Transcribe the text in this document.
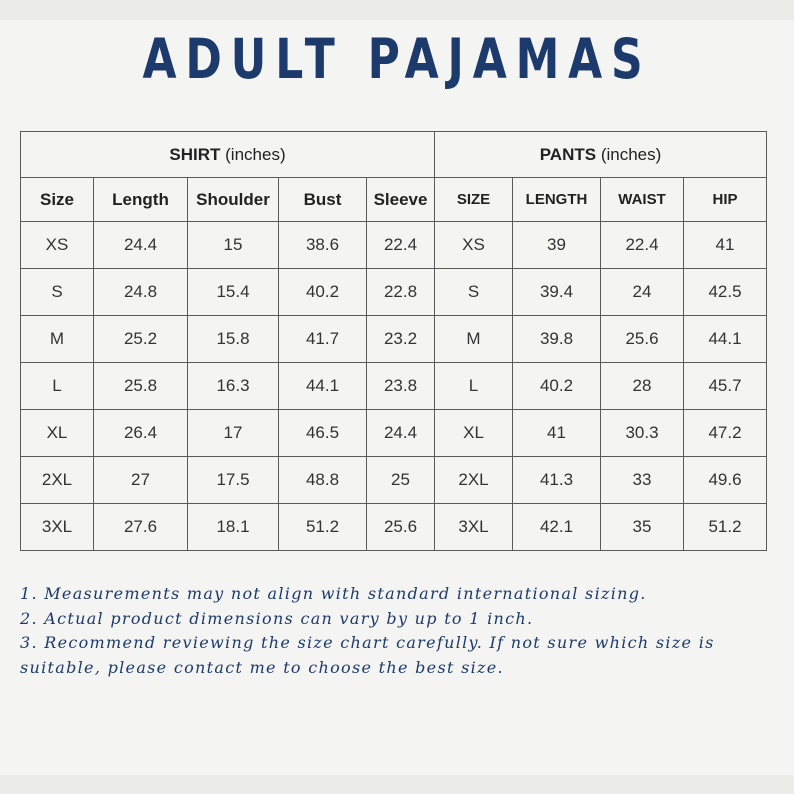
ADULT PAJAMAS
SHIRT (inches)					PANTS (inches)			
Size	Length	Shoulder	Bust	Sleeve	SIZE	LENGTH	WAIST	HIP
XS	24.4	15	38.6	22.4	XS	39	22.4	41
S	24.8	15.4	40.2	22.8	S	39.4	24	42.5
M	25.2	15.8	41.7	23.2	M	39.8	25.6	44.1
L	25.8	16.3	44.1	23.8	L	40.2	28	45.7
XL	26.4	17	46.5	24.4	XL	41	30.3	47.2
2XL	27	17.5	48.8	25	2XL	41.3	33	49.6
3XL	27.6	18.1	51.2	25.6	3XL	42.1	35	51.2

1. Measurements may not align with standard international sizing.

2. Actual product dimensions can vary by up to 1 inch.

3. Recommend reviewing the size chart carefully. If not sure which size is suitable, please contact me to choose the best size.
